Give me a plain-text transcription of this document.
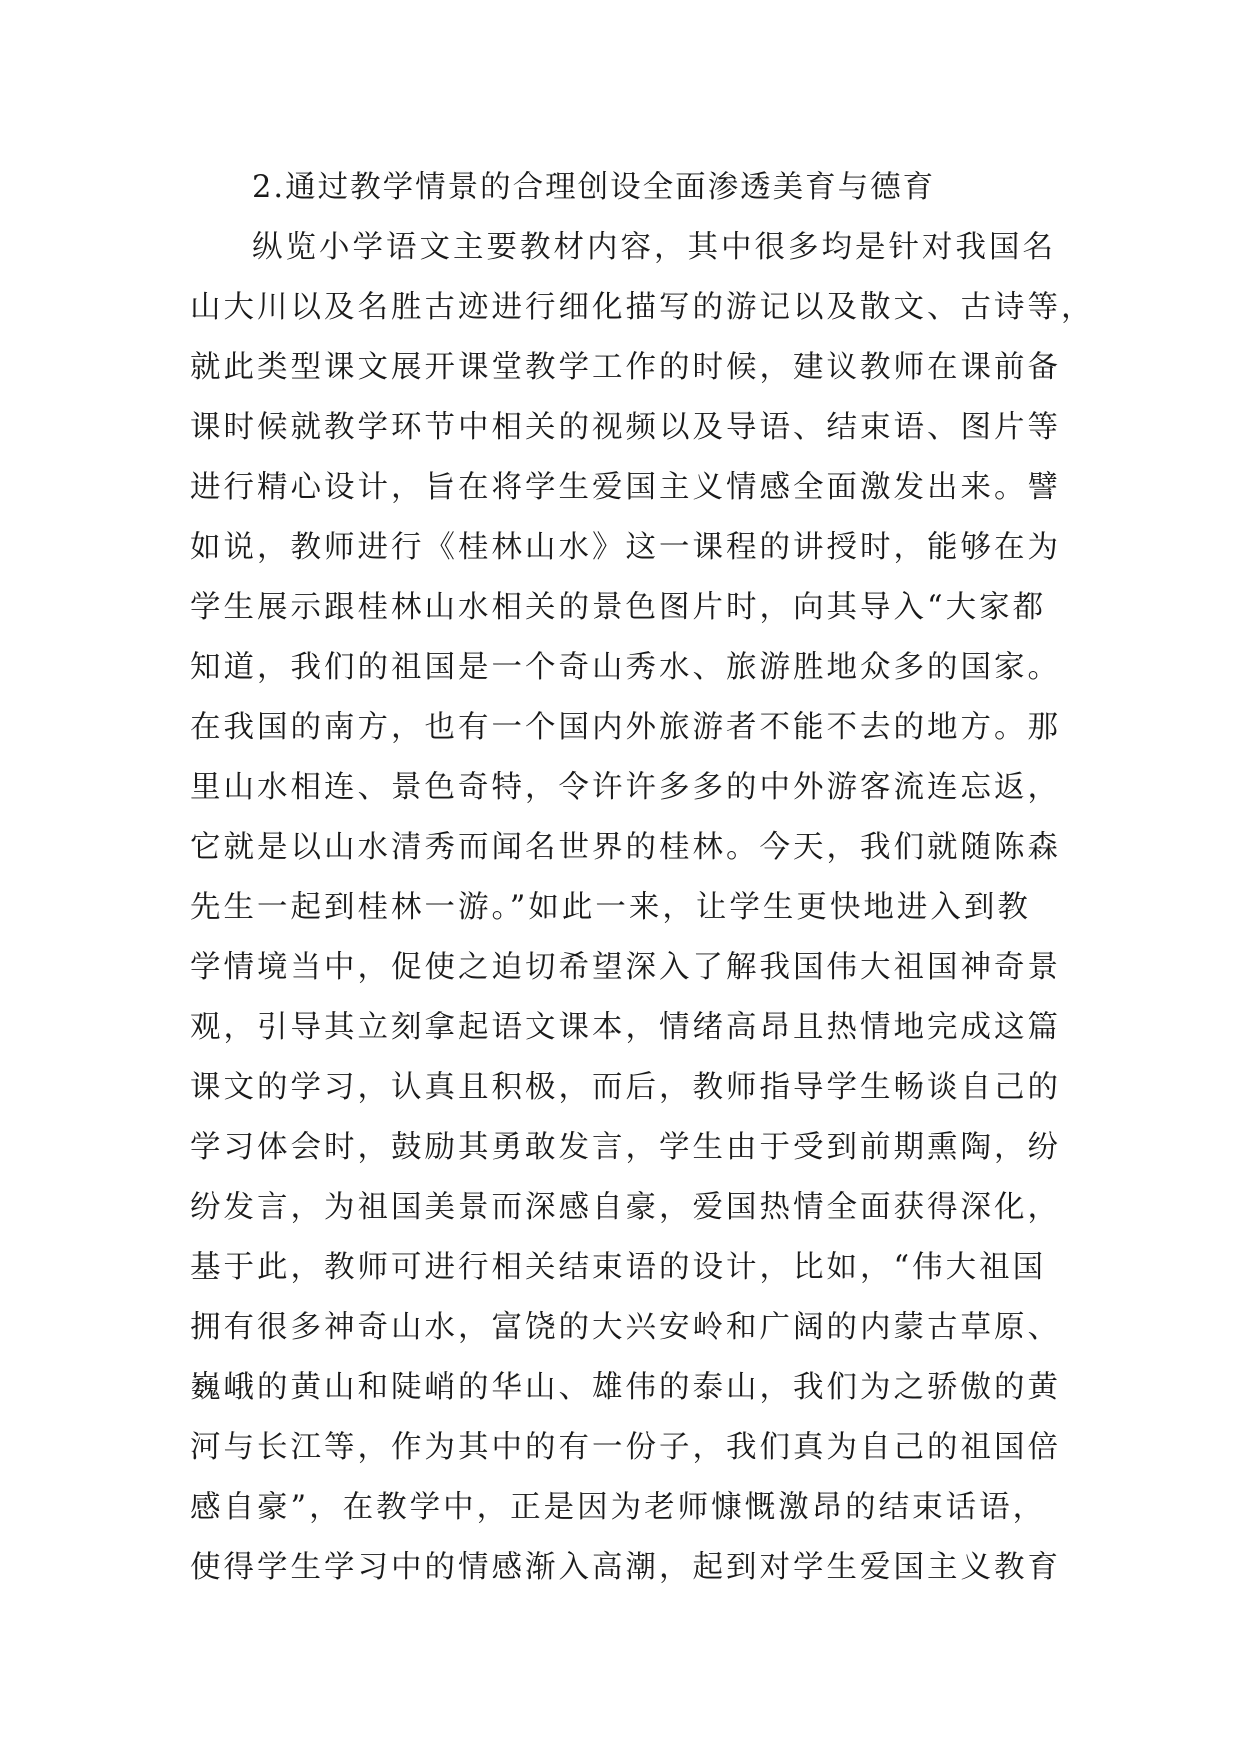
2.通过教学情景的合理创设全面渗透美育与德育
纵览小学语文主要教材内容，其中很多均是针对我国名
山大川以及名胜古迹进行细化描写的游记以及散文、古诗等，
就此类型课文展开课堂教学工作的时候，建议教师在课前备
课时候就教学环节中相关的视频以及导语、结束语、图片等
进行精心设计，旨在将学生爱国主义情感全面激发出来。譬
如说，教师进行《桂林山水》这一课程的讲授时，能够在为
学生展示跟桂林山水相关的景色图片时，向其导入“大家都
知道，我们的祖国是一个奇山秀水、旅游胜地众多的国家。
在我国的南方，也有一个国内外旅游者不能不去的地方。那
里山水相连、景色奇特，令许许多多的中外游客流连忘返，
它就是以山水清秀而闻名世界的桂林。今天，我们就随陈森
先生一起到桂林一游。”如此一来，让学生更快地进入到教
学情境当中，促使之迫切希望深入了解我国伟大祖国神奇景
观，引导其立刻拿起语文课本，情绪高昂且热情地完成这篇
课文的学习，认真且积极，而后，教师指导学生畅谈自己的
学习体会时，鼓励其勇敢发言，学生由于受到前期熏陶，纷
纷发言，为祖国美景而深感自豪，爱国热情全面获得深化，
基于此，教师可进行相关结束语的设计，比如，“伟大祖国
拥有很多神奇山水，富饶的大兴安岭和广阔的内蒙古草原、
巍峨的黄山和陡峭的华山、雄伟的泰山，我们为之骄傲的黄
河与长江等，作为其中的有一份子，我们真为自己的祖国倍
感自豪”，在教学中，正是因为老师慷慨激昂的结束话语，
使得学生学习中的情感渐入高潮，起到对学生爱国主义教育
